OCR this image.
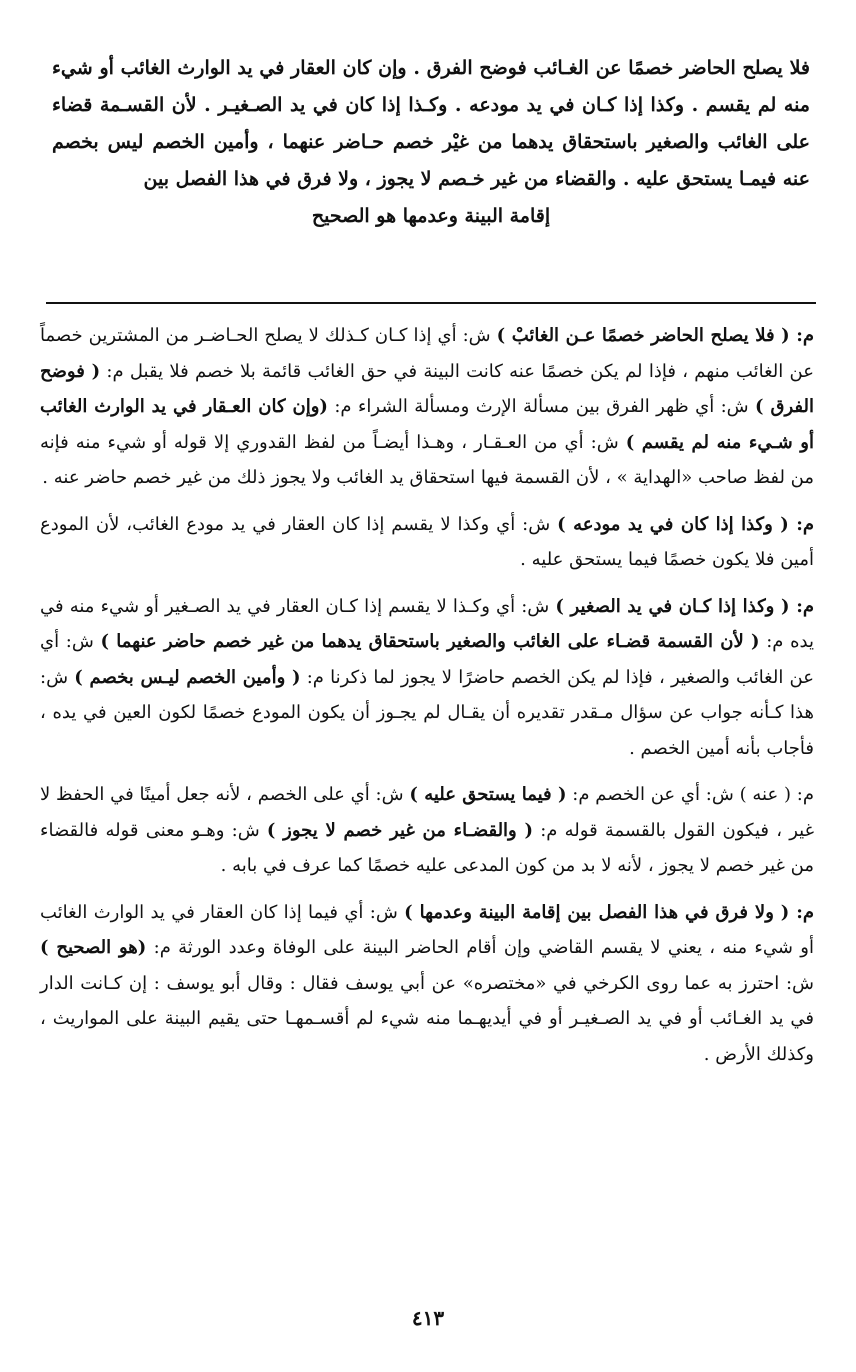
فلا يصلح الحاضر خصمًا عن الغـائب فوضح الفرق . وإن كان العقار في يد الوارث الغائب أو شيء منه لم يقسم . وكذا إذا كـان في يد مودعه . وكـذا إذا كان في يد الصـغيـر . لأن القسـمة قضاء على الغائب والصغير باستحقاق يدهما من غيْر خصم حـاضر عنهما ، وأمين الخصم ليس بخصم عنه فيمـا يستحق عليه . والقضاء من غير خـصم لا يجوز ، ولا فرق في هذا الفصل بين
إقامة البينة وعدمها هو الصحيح

م: ( فلا يصلح الحاضر خصمًا عـن الغائبْ ) ش: أي إذا كـان كـذلك لا يصلح الحـاضـر من المشترين خصماً عن الغائب منهم ، فإذا لم يكن خصمًا عنه كانت البينة في حق الغائب قائمة بلا خصم فلا يقبل م: ( فوضح الفرق ) ش: أي ظهر الفرق بين مسألة الإرث ومسألة الشراء م: (وإن كان العـقار في يد الوارث الغائب أو شـيء منه لم يقسم ) ش: أي من العـقـار ، وهـذا أيضـاً من لفظ القدوري إلا قوله أو شيء منه فإنه من لفظ صاحب «الهداية » ، لأن القسمة فيها استحقاق يد الغائب ولا يجوز ذلك من غير خصم حاضر عنه .

م: ( وكذا إذا كان في يد مودعه ) ش: أي وكذا لا يقسم إذا كان العقار في يد مودع الغائب، لأن المودع أمين فلا يكون خصمًا فيما يستحق عليه .

م: ( وكذا إذا كـان في يد الصغير ) ش: أي وكـذا لا يقسم إذا كـان العقار في يد الصـغير أو شيء منه في يده م: ( لأن القسمة قضـاء على الغائب والصغير باستحقاق يدهما من غير خصم حاضر عنهما ) ش: أي عن الغائب والصغير ، فإذا لم يكن الخصم حاضرًا لا يجوز لما ذكرنا م: ( وأمين الخصم ليـس بخصم ) ش: هذا كـأنه جواب عن سؤال مـقدر تقديره أن يقـال لم يجـوز أن يكون المودع خصمًا لكون العين في يده ، فأجاب بأنه أمين الخصم .

م: ( عنه ) ش: أي عن الخصم م: ( فيما يستحق عليه ) ش: أي على الخصم ، لأنه جعل أمينًا في الحفظ لا غير ، فيكون القول بالقسمة قوله م: ( والقضـاء من غير خصم لا يجوز ) ش: وهـو معنى قوله فالقضاء من غير خصم لا يجوز ، لأنه لا بد من كون المدعى عليه خصمًا كما عرف في بابه .

م: ( ولا فرق في هذا الفصل بين إقامة البينة وعدمها ) ش: أي فيما إذا كان العقار في يد الوارث الغائب أو شيء منه ، يعني لا يقسم القاضي وإن أقام الحاضر البينة على الوفاة وعدد الورثة م: (هو الصحيح ) ش: احترز به عما روى الكرخي في «مختصره» عن أبي يوسف فقال : وقال أبو يوسف : إن كـانت الدار في يد الغـائب أو في يد الصـغيـر أو في أيديهـما منه شيء لم أقسـمهـا حتى يقيم البينة على المواريث ، وكذلك الأرض .

٤١٣
